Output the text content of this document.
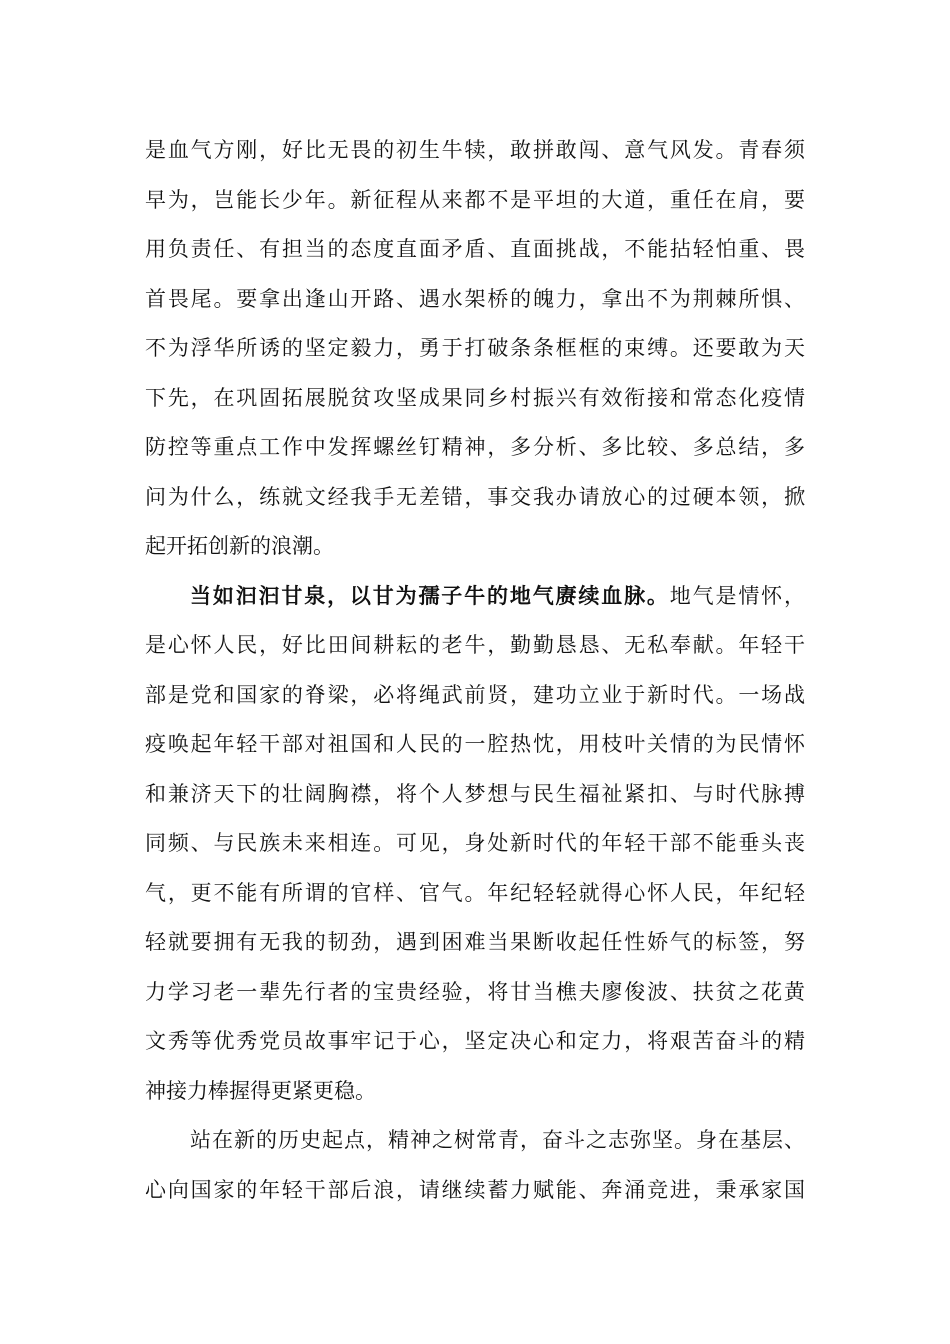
是血气方刚，好比无畏的初生牛犊，敢拼敢闯、意气风发。青春须
早为，岂能长少年。新征程从来都不是平坦的大道，重任在肩，要
用负责任、有担当的态度直面矛盾、直面挑战，不能拈轻怕重、畏
首畏尾。要拿出逢山开路、遇水架桥的魄力，拿出不为荆棘所惧、
不为浮华所诱的坚定毅力，勇于打破条条框框的束缚。还要敢为天
下先，在巩固拓展脱贫攻坚成果同乡村振兴有效衔接和常态化疫情
防控等重点工作中发挥螺丝钉精神，多分析、多比较、多总结，多
问为什么，练就文经我手无差错，事交我办请放心的过硬本领，掀
起开拓创新的浪潮。
当如汩汩甘泉，以甘为孺子牛的地气赓续血脉。地气是情怀，
是心怀人民，好比田间耕耘的老牛，勤勤恳恳、无私奉献。年轻干
部是党和国家的脊梁，必将绳武前贤，建功立业于新时代。一场战
疫唤起年轻干部对祖国和人民的一腔热忱，用枝叶关情的为民情怀
和兼济天下的壮阔胸襟，将个人梦想与民生福祉紧扣、与时代脉搏
同频、与民族未来相连。可见，身处新时代的年轻干部不能垂头丧
气，更不能有所谓的官样、官气。年纪轻轻就得心怀人民，年纪轻
轻就要拥有无我的韧劲，遇到困难当果断收起任性娇气的标签，努
力学习老一辈先行者的宝贵经验，将甘当樵夫廖俊波、扶贫之花黄
文秀等优秀党员故事牢记于心，坚定决心和定力，将艰苦奋斗的精
神接力棒握得更紧更稳。
站在新的历史起点，精神之树常青，奋斗之志弥坚。身在基层、
心向国家的年轻干部后浪，请继续蓄力赋能、奔涌竞进，秉承家国
